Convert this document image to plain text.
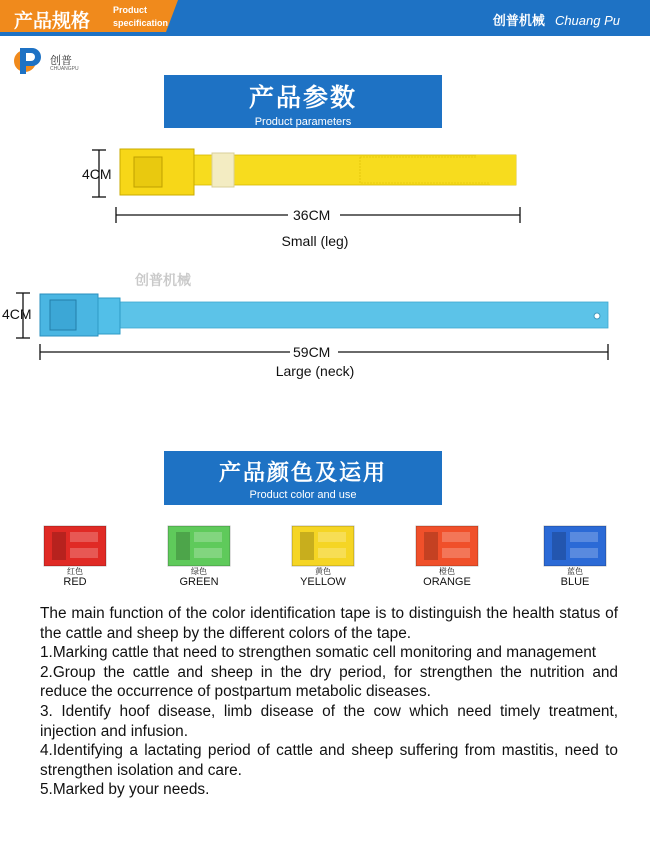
产品规格
Product
specification	创普机械 Chuang Pu
创普
CHUANGPU
产品参数
Product parameters
4CM
36CM
Small (leg)
创普机械
4CM
59CM
Large (neck)
产品颜色及运用
Product color and use
红色
RED
绿色
GREEN
黄色
YELLOW
橙色
ORANGE
蓝色
BLUE

The main function of the color identification tape is to distinguish the health status of the cattle and sheep by the different colors of the tape.

1.Marking cattle that need to strengthen somatic cell monitoring and management

2.Group the cattle and sheep in the dry period, for strengthen the nutrition and reduce the occurrence of postpartum metabolic diseases.

3. Identify hoof disease, limb disease of the cow which need timely treatment, injection and infusion.

4.Identifying a lactating period of cattle and sheep suffering from mastitis, need to strengthen isolation and care.

5.Marked by your needs.
